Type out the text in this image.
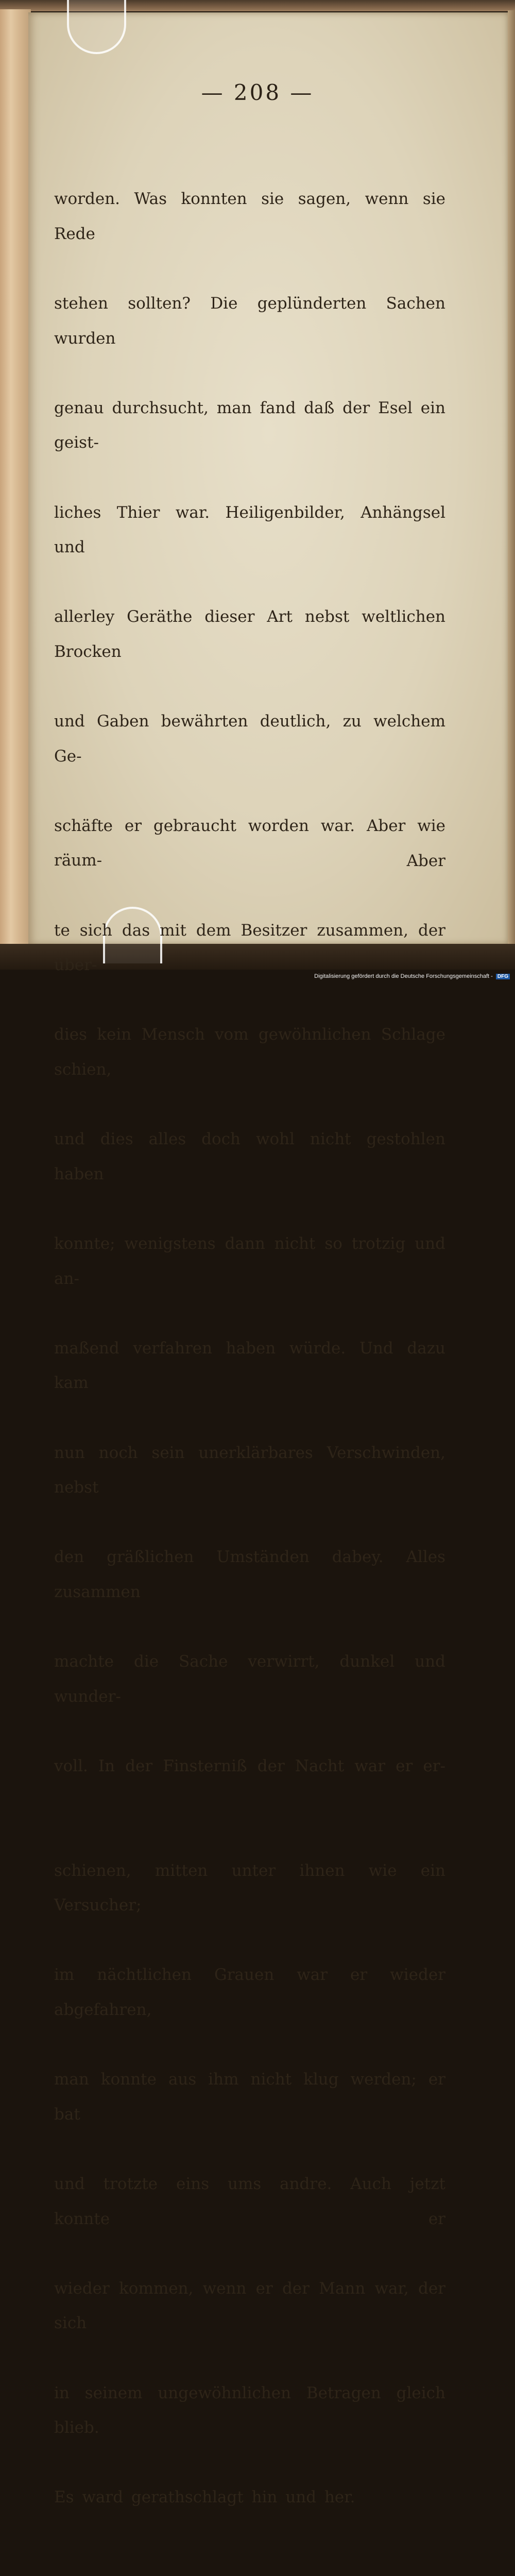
— 208 —

worden. Was konnten sie sagen, wenn sie Rede

stehen sollten? Die geplünderten Sachen wurden

genau durchsucht, man fand daß der Esel ein geist-

liches Thier war. Heiligenbilder, Anhängsel und

allerley Geräthe dieser Art nebst weltlichen Brocken

und Gaben bewährten deutlich, zu welchem Ge-

schäfte er gebraucht worden war. Aber wie räum-

te sich das mit dem Besitzer zusammen, der über-

dies kein Mensch vom gewöhnlichen Schlage schien,

und dies alles doch wohl nicht gestohlen haben

konnte; wenigstens dann nicht so trotzig und an-

maßend verfahren haben würde. Und dazu kam

nun noch sein unerklärbares Verschwinden, nebst

den gräßlichen Umständen dabey. Alles zusammen

machte die Sache verwirrt, dunkel und wunder-

voll. In der Finsterniß der Nacht war er er-

schienen, mitten unter ihnen wie ein Versucher;

im nächtlichen Grauen war er wieder abgefahren,

man konnte aus ihm nicht klug werden; er bat

und trotzte eins ums andre. Auch jetzt konnte er

wieder kommen, wenn er der Mann war, der sich

in seinem ungewöhnlichen Betragen gleich blieb.

Es ward gerathschlagt hin und her.

Aber
Digitalisierung gefördert durch die Deutsche Forschungsgemeinschaft - DFG
